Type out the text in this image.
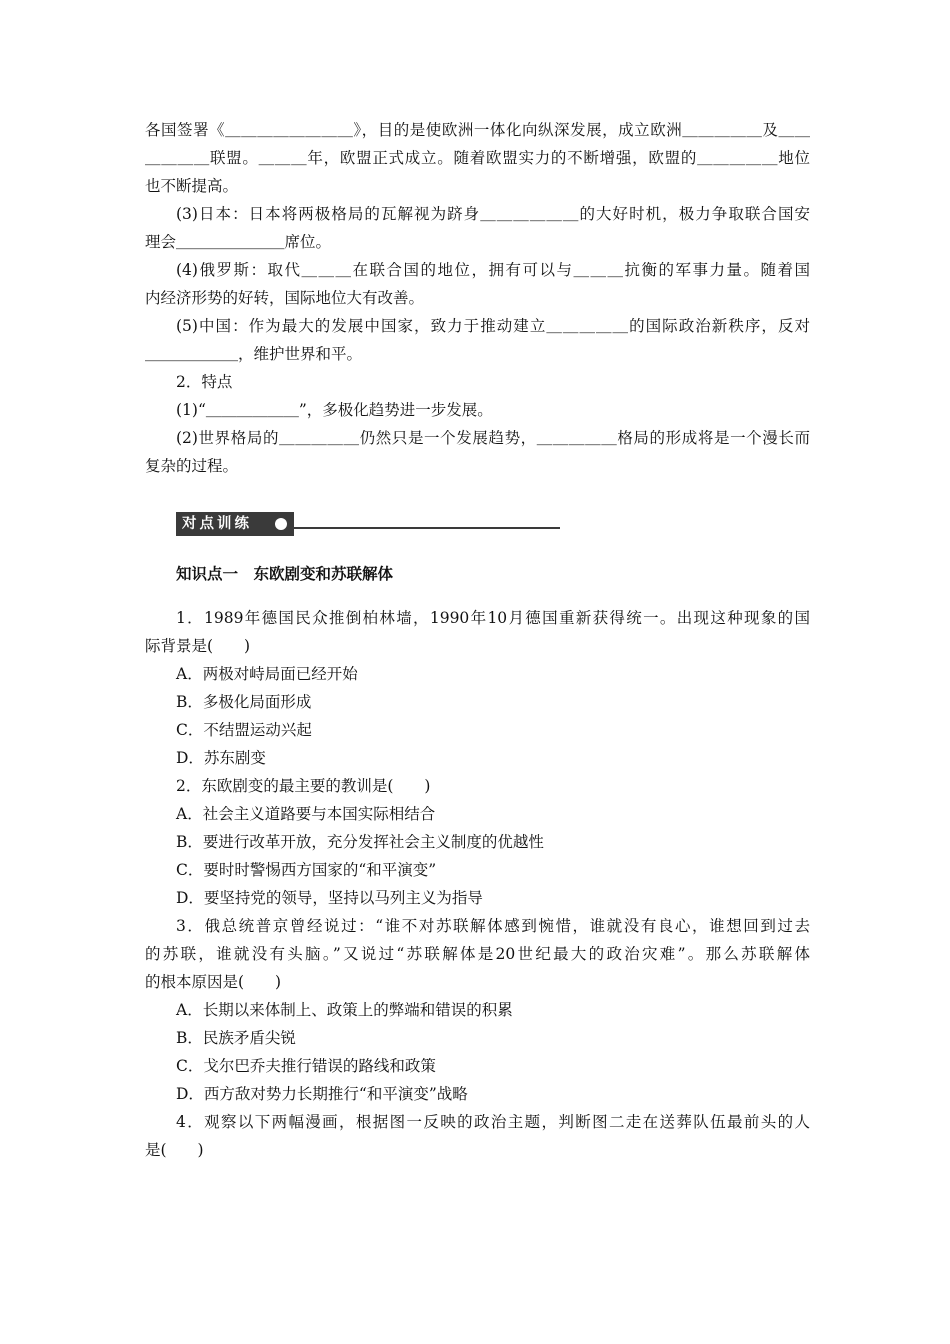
各国签署《＿＿＿＿＿＿＿＿》，目的是使欧洲一体化向纵深发展，成立欧洲＿＿＿＿＿及＿＿
＿＿＿＿联盟。＿＿＿年，欧盟正式成立。随着欧盟实力的不断增强，欧盟的＿＿＿＿＿地位
也不断提高。
(3)日本：日本将两极格局的瓦解视为跻身＿＿＿＿＿＿的大好时机，极力争取联合国安
理会＿＿＿＿＿＿＿席位。
(4)俄罗斯：取代＿＿＿在联合国的地位，拥有可以与＿＿＿抗衡的军事力量。随着国
内经济形势的好转，国际地位大有改善。
(5)中国：作为最大的发展中国家，致力于推动建立＿＿＿＿＿的国际政治新秩序，反对
＿＿＿＿＿＿，维护世界和平。
2．特点
(1)“＿＿＿＿＿＿”，多极化趋势进一步发展。
(2)世界格局的＿＿＿＿＿仍然只是一个发展趋势，＿＿＿＿＿格局的形成将是一个漫长而
复杂的过程。
对点训练
知识点一　东欧剧变和苏联解体
1．1989年德国民众推倒柏林墙，1990年10月德国重新获得统一。出现这种现象的国
际背景是(　　)
A．两极对峙局面已经开始
B．多极化局面形成
C．不结盟运动兴起
D．苏东剧变
2．东欧剧变的最主要的教训是(　　)
A．社会主义道路要与本国实际相结合
B．要进行改革开放，充分发挥社会主义制度的优越性
C．要时时警惕西方国家的“和平演变”
D．要坚持党的领导，坚持以马列主义为指导
3．俄总统普京曾经说过：“谁不对苏联解体感到惋惜，谁就没有良心，谁想回到过去
的苏联，谁就没有头脑。”又说过“苏联解体是20世纪最大的政治灾难”。那么苏联解体
的根本原因是(　　)
A．长期以来体制上、政策上的弊端和错误的积累
B．民族矛盾尖锐
C．戈尔巴乔夫推行错误的路线和政策
D．西方敌对势力长期推行“和平演变”战略
4．观察以下两幅漫画，根据图一反映的政治主题，判断图二走在送葬队伍最前头的人
是(　　)
